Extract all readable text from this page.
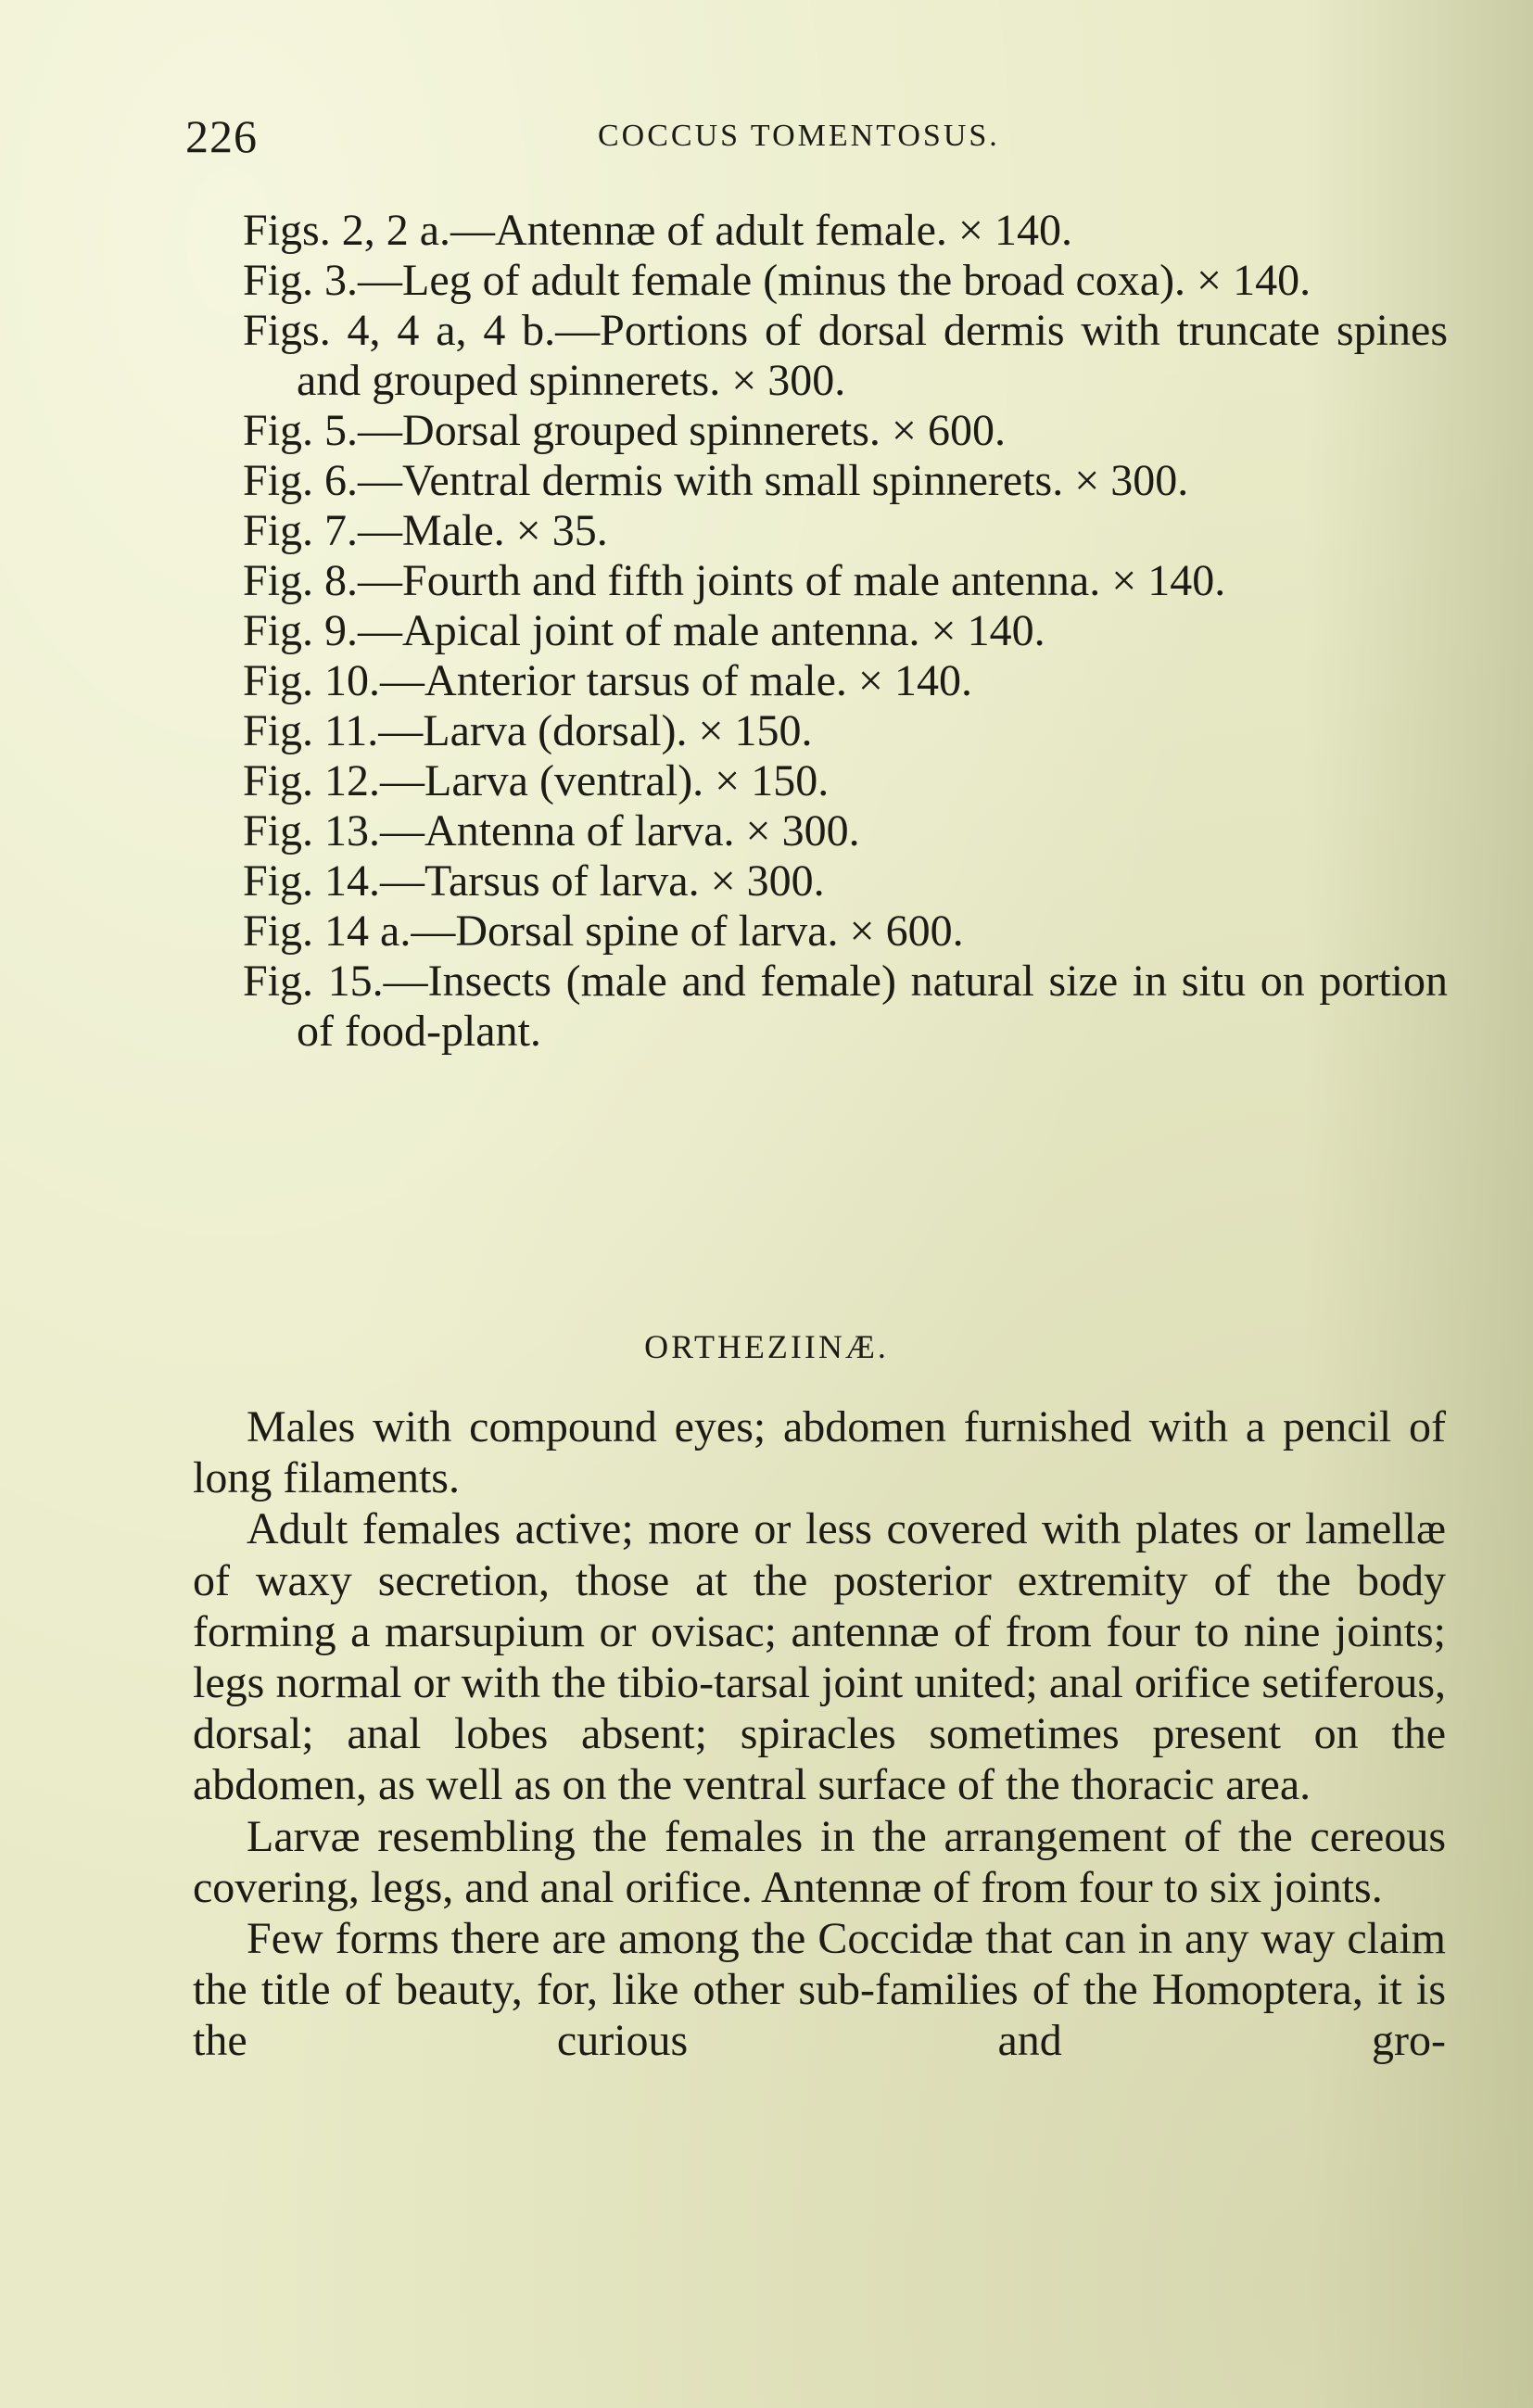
226	COCCUS TOMENTOSUS.

Figs. 2, 2 a.—Antennæ of adult female. × 140.

Fig. 3.—Leg of adult female (minus the broad coxa). × 140.

Figs. 4, 4 a, 4 b.—Portions of dorsal dermis with truncate spines and grouped spinnerets. × 300.

Fig. 5.—Dorsal grouped spinnerets. × 600.

Fig. 6.—Ventral dermis with small spinnerets. × 300.

Fig. 7.—Male. × 35.

Fig. 8.—Fourth and fifth joints of male antenna. × 140.

Fig. 9.—Apical joint of male antenna. × 140.

Fig. 10.—Anterior tarsus of male. × 140.

Fig. 11.—Larva (dorsal). × 150.

Fig. 12.—Larva (ventral). × 150.

Fig. 13.—Antenna of larva. × 300.

Fig. 14.—Tarsus of larva. × 300.

Fig. 14 a.—Dorsal spine of larva. × 600.

Fig. 15.—Insects (male and female) natural size in situ on portion of food-plant.

ORTHEZIINÆ.

Males with compound eyes; abdomen furnished with a pencil of long filaments.

Adult females active; more or less covered with plates or lamellæ of waxy secretion, those at the posterior extremity of the body forming a marsupium or ovisac; antennæ of from four to nine joints; legs normal or with the tibio-tarsal joint united; anal orifice setiferous, dorsal; anal lobes absent; spiracles sometimes present on the abdomen, as well as on the ventral surface of the thoracic area.

Larvæ resembling the females in the arrangement of the cereous covering, legs, and anal orifice. Antennæ of from four to six joints.

Few forms there are among the Coccidæ that can in any way claim the title of beauty, for, like other sub-families of the Homoptera, it is the curious and gro-
